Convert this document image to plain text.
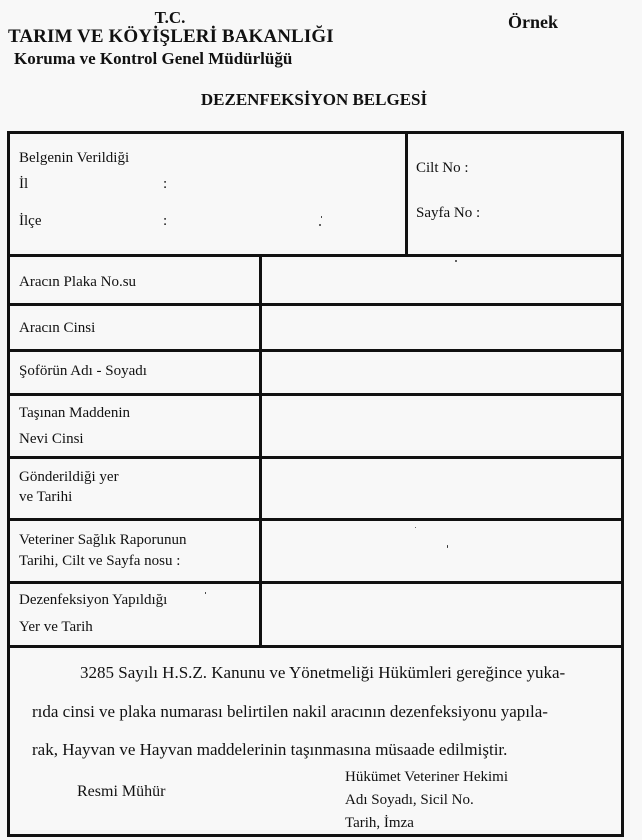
T.C.
TARIM VE KÖYİŞLERİ BAKANLIĞI
Koruma ve Kontrol Genel Müdürlüğü
Örnek
DEZENFEKSİYON BELGESİ
Belgenin Verildiği
İl	:
İlçe	:
Cilt No :
Sayfa No :
Aracın Plaka No.su
Aracın Cinsi
Şoförün Adı - Soyadı
Taşınan Maddenin
Nevi Cinsi
Gönderildiği yer
ve Tarihi
Veteriner Sağlık Raporunun
Tarihi, Cilt ve Sayfa nosu :
Dezenfeksiyon Yapıldığı
Yer ve Tarih
3285 Sayılı H.S.Z. Kanunu ve Yönetmeliği Hükümleri gereğince yuka-
rıda cinsi ve plaka numarası belirtilen nakil aracının dezenfeksiyonu yapıla-
rak, Hayvan ve Hayvan maddelerinin taşınmasına müsaade edilmiştir.
Resmi Mühür
Hükümet Veteriner Hekimi
Adı Soyadı, Sicil No.
Tarih, İmza
